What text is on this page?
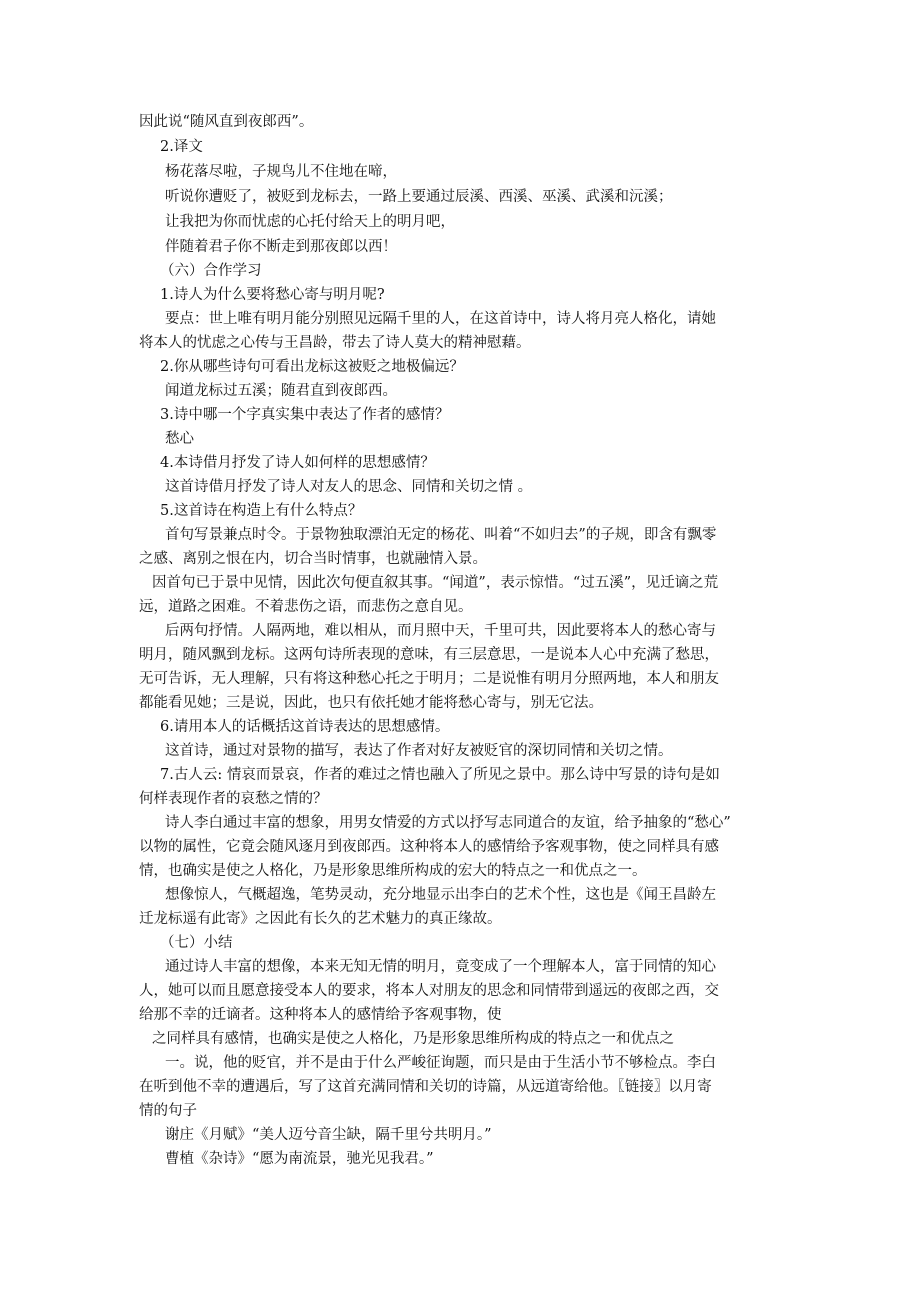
因此说“随风直到夜郎西”。
2.译文
杨花落尽啦，子规鸟儿不住地在啼，
听说你遭贬了，被贬到龙标去，一路上要通过辰溪、西溪、巫溪、武溪和沅溪；
让我把为你而忧虑的心托付给天上的明月吧，
伴随着君子你不断走到那夜郎以西！
（六）合作学习
1.诗人为什么要将愁心寄与明月呢?
要点：世上唯有明月能分别照见远隔千里的人，在这首诗中，诗人将月亮人格化，请她
将本人的忧虑之心传与王昌龄，带去了诗人莫大的精神慰藉。
2.你从哪些诗句可看出龙标这被贬之地极偏远？
闻道龙标过五溪；随君直到夜郎西。
3.诗中哪一个字真实集中表达了作者的感情？
愁心
4.本诗借月抒发了诗人如何样的思想感情？
这首诗借月抒发了诗人对友人的思念、同情和关切之情 。
5.这首诗在构造上有什么特点？
首句写景兼点时令。于景物独取漂泊无定的杨花、叫着“不如归去”的子规，即含有飘零
之感、离别之恨在内，切合当时情事，也就融情入景。
因首句已于景中见情，因此次句便直叙其事。“闻道”，表示惊惜。“过五溪”，见迁谪之荒
远，道路之困难。不着悲伤之语，而悲伤之意自见。
后两句抒情。人隔两地，难以相从，而月照中天，千里可共，因此要将本人的愁心寄与
明月，随风飘到龙标。这两句诗所表现的意味，有三层意思，一是说本人心中充满了愁思，
无可告诉，无人理解，只有将这种愁心托之于明月；二是说惟有明月分照两地，本人和朋友
都能看见她；三是说，因此，也只有依托她才能将愁心寄与，别无它法。
6.请用本人的话概括这首诗表达的思想感情。
这首诗，通过对景物的描写，表达了作者对好友被贬官的深切同情和关切之情。
7.古人云: 情哀而景哀，作者的难过之情也融入了所见之景中。那么诗中写景的诗句是如
何样表现作者的哀愁之情的？
诗人李白通过丰富的想象，用男女情爱的方式以抒写志同道合的友谊，给予抽象的“愁心”
以物的属性，它竟会随风逐月到夜郎西。这种将本人的感情给予客观事物，使之同样具有感
情，也确实是使之人格化，乃是形象思维所构成的宏大的特点之一和优点之一。
想像惊人，气概超逸，笔势灵动，充分地显示出李白的艺术个性，这也是《闻王昌龄左
迁龙标遥有此寄》之因此有长久的艺术魅力的真正缘故。
（七）小结
通过诗人丰富的想像，本来无知无情的明月，竟变成了一个理解本人，富于同情的知心
人，她可以而且愿意接受本人的要求，将本人对朋友的思念和同情带到遥远的夜郎之西，交
给那不幸的迁谪者。这种将本人的感情给予客观事物，使
之同样具有感情，也确实是使之人格化，乃是形象思维所构成的特点之一和优点之
一。说，他的贬官，并不是由于什么严峻征询题，而只是由于生活小节不够检点。李白
在听到他不幸的遭遇后，写了这首充满同情和关切的诗篇，从远道寄给他。〖链接〗以月寄
情的句子
谢庄《月赋》“美人迈兮音尘缺，隔千里兮共明月。”
曹植《杂诗》“愿为南流景，驰光见我君。”
